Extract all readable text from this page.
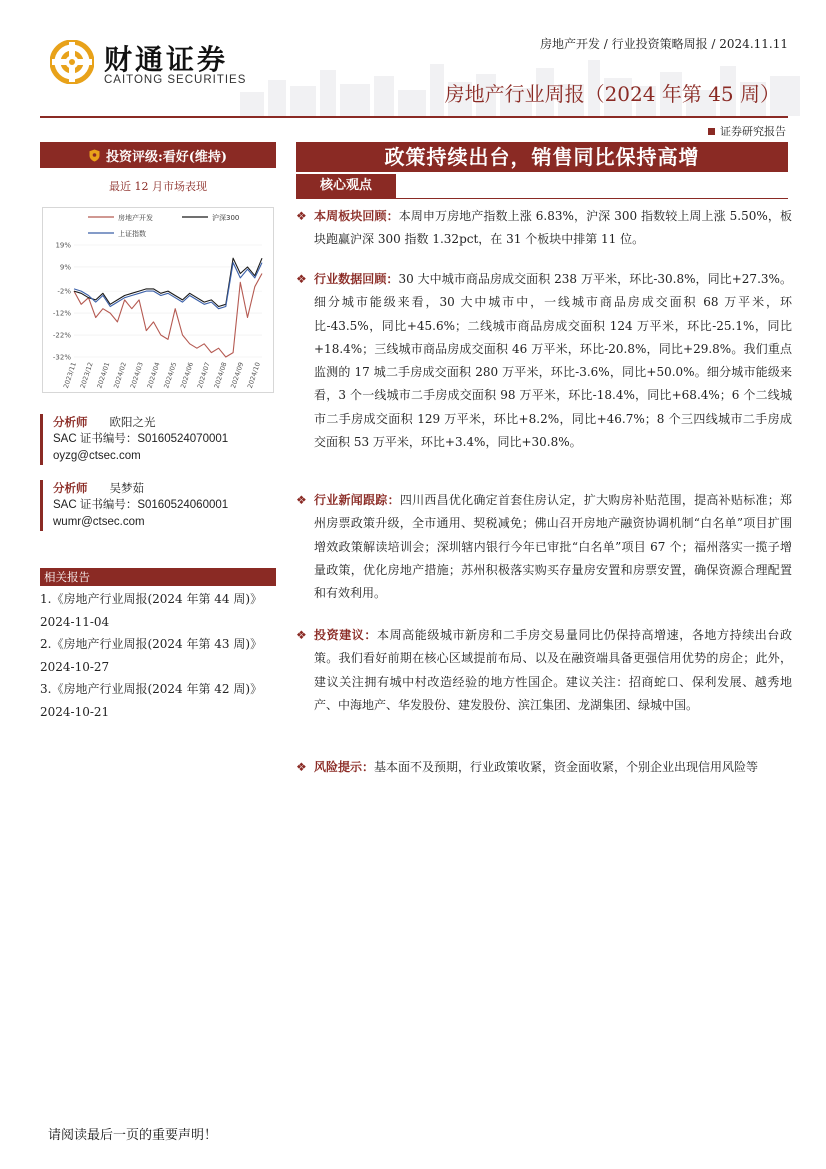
财通证券
CAITONG SECURITIES
房地产开发 / 行业投资策略周报 / 2024.11.11
房地产行业周报（2024 年第 45 周）
证券研究报告
投资评级:看好(维持)
最近 12 月市场表现
房地产开发	沪深300
上证指数
19%
9%
-2%
-12%
-22%
-32%
2023/11 2023/12 2024/01 2024/02 2024/03 2024/04 2024/05 2024/06 2024/07 2024/08 2024/09 2024/10
分析师 欧阳之光
SAC 证书编号：S0160524070001
oyzg@ctsec.com
分析师 吴梦茹
SAC 证书编号：S0160524060001
wumr@ctsec.com
相关报告
1.《房地产行业周报(2024 年第 44 周)》
2024-11-04
2.《房地产行业周报(2024 年第 43 周)》
2024-10-27
3.《房地产行业周报(2024 年第 42 周)》
2024-10-21
政策持续出台，销售同比保持高增
核心观点
❖ 本周板块回顾：本周申万房地产指数上涨 6.83%，沪深 300 指数较上周上涨 5.50%，板块跑赢沪深 300 指数 1.32pct，在 31 个板块中排第 11 位。
❖ 行业数据回顾：30 大中城市商品房成交面积 238 万平米，环比-30.8%，同比+27.3%。细分城市能级来看，30 大中城市中，一线城市商品房成交面积 68 万平米，环比-43.5%，同比+45.6%；二线城市商品房成交面积 124 万平米，环比-25.1%，同比+18.4%；三线城市商品房成交面积 46 万平米，环比-20.8%，同比+29.8%。我们重点监测的 17 城二手房成交面积 280 万平米，环比-3.6%，同比+50.0%。细分城市能级来看，3 个一线城市二手房成交面积 98 万平米，环比-18.4%，同比+68.4%；6 个二线城市二手房成交面积 129 万平米，环比+8.2%，同比+46.7%；8 个三四线城市二手房成交面积 53 万平米，环比+3.4%，同比+30.8%。
❖ 行业新闻跟踪：四川西昌优化确定首套住房认定，扩大购房补贴范围，提高补贴标准；郑州房票政策升级，全市通用、契税减免；佛山召开房地产融资协调机制“白名单”项目扩围增效政策解读培训会；深圳辖内银行今年已审批“白名单”项目 67 个；福州落实一揽子增量政策，优化房地产措施；苏州积极落实购买存量房安置和房票安置，确保资源合理配置和有效利用。
❖ 投资建议：本周高能级城市新房和二手房交易量同比仍保持高增速，各地方持续出台政策。我们看好前期在核心区域提前布局、以及在融资端具备更强信用优势的房企；此外，建议关注拥有城中村改造经验的地方性国企。建议关注：招商蛇口、保利发展、越秀地产、中海地产、华发股份、建发股份、滨江集团、龙湖集团、绿城中国。
❖ 风险提示：基本面不及预期，行业政策收紧，资金面收紧，个别企业出现信用风险等
请阅读最后一页的重要声明！
